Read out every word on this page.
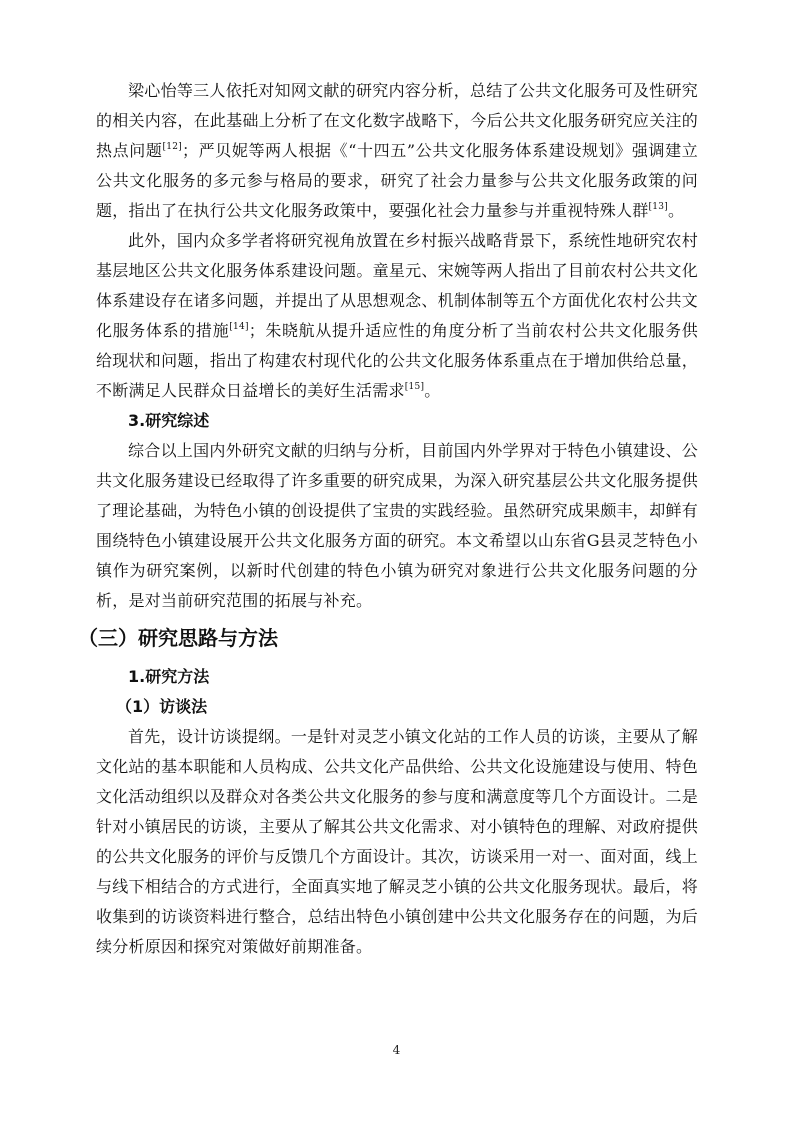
梁心怡等三人依托对知网文献的研究内容分析，总结了公共文化服务可及性研究的相关内容，在此基础上分析了在文化数字战略下，今后公共文化服务研究应关注的热点问题[12]；严贝妮等两人根据《“十四五”公共文化服务体系建设规划》强调建立公共文化服务的多元参与格局的要求，研究了社会力量参与公共文化服务政策的问题，指出了在执行公共文化服务政策中，要强化社会力量参与并重视特殊人群[13]。

此外，国内众多学者将研究视角放置在乡村振兴战略背景下，系统性地研究农村基层地区公共文化服务体系建设问题。童星元、宋婉等两人指出了目前农村公共文化体系建设存在诸多问题，并提出了从思想观念、机制体制等五个方面优化农村公共文化服务体系的措施[14]；朱晓航从提升适应性的角度分析了当前农村公共文化服务供给现状和问题，指出了构建农村现代化的公共文化服务体系重点在于增加供给总量，不断满足人民群众日益增长的美好生活需求[15]。

3.研究综述

综合以上国内外研究文献的归纳与分析，目前国内外学界对于特色小镇建设、公共文化服务建设已经取得了许多重要的研究成果，为深入研究基层公共文化服务提供了理论基础，为特色小镇的创设提供了宝贵的实践经验。虽然研究成果颇丰，却鲜有围绕特色小镇建设展开公共文化服务方面的研究。本文希望以山东省G县灵芝特色小镇作为研究案例，以新时代创建的特色小镇为研究对象进行公共文化服务问题的分析，是对当前研究范围的拓展与补充。

（三）研究思路与方法
1.研究方法
（1）访谈法

首先，设计访谈提纲。一是针对灵芝小镇文化站的工作人员的访谈，主要从了解文化站的基本职能和人员构成、公共文化产品供给、公共文化设施建设与使用、特色文化活动组织以及群众对各类公共文化服务的参与度和满意度等几个方面设计。二是针对小镇居民的访谈，主要从了解其公共文化需求、对小镇特色的理解、对政府提供的公共文化服务的评价与反馈几个方面设计。其次，访谈采用一对一、面对面，线上与线下相结合的方式进行，全面真实地了解灵芝小镇的公共文化服务现状。最后，将收集到的访谈资料进行整合，总结出特色小镇创建中公共文化服务存在的问题，为后续分析原因和探究对策做好前期准备。

4
